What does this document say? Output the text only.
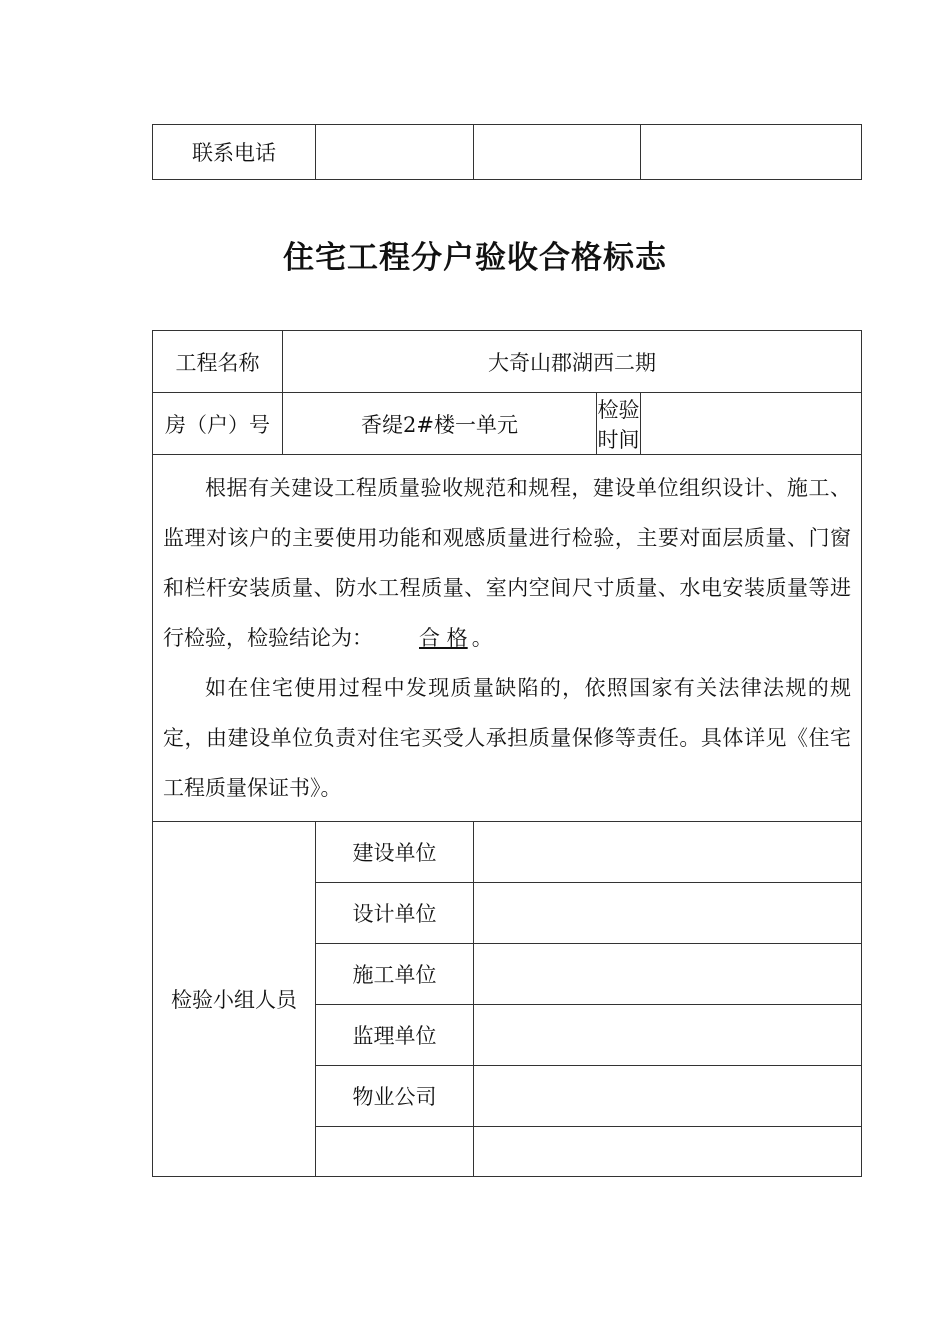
联系电话			
住宅工程分户验收合格标志
工程名称	大奇山郡湖西二期				
房（户）号	香缇2#楼一单元			检验时间	

根据有关建设工程质量验收规范和规程，建设单位组织设计、施工、监理对该户的主要使用功能和观感质量进行检验，主要对面层质量、门窗和栏杆安装质量、防水工程质量、室内空间尺寸质量、水电安装质量等进行检验，检验结论为： 合 格 。

如在住宅使用过程中发现质量缺陷的，依照国家有关法律法规的规定，由建设单位负责对住宅买受人承担质量保修等责任。具体详见《住宅工程质量保证书》。					

检验小组人员		建设单位			
		设计单位			
		施工单位			
		监理单位			
		物业公司			
